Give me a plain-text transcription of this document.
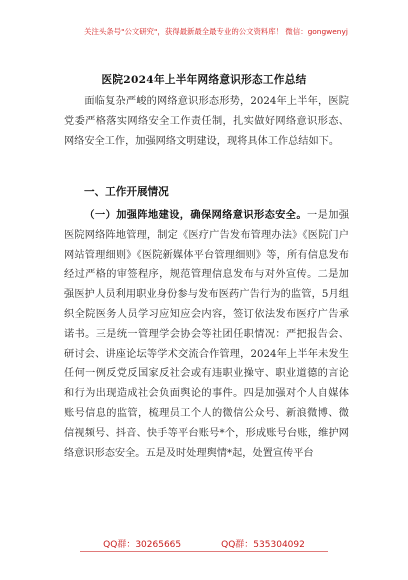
关注头条号"公文研究"，获得最新最全最专业的公文资料库！ 微信：gongwenyj
医院2024年上半年网络意识形态工作总结

面临复杂严峻的网络意识形态形势，2024年上半年，医院党委严格落实网络安全工作责任制，扎实做好网络意识形态、网络安全工作，加强网络文明建设，现将具体工作总结如下。

一、工作开展情况

（一）加强阵地建设，确保网络意识形态安全。一是加强医院网络阵地管理，制定《医疗广告发布管理办法》《医院门户网站管理细则》《医院新媒体平台管理细则》等，所有信息发布经过严格的审签程序，规范管理信息发布与对外宣传。二是加强医护人员利用职业身份参与发布医药广告行为的监管，5月组织全院医务人员学习应知应会内容，签订依法发布医疗广告承诺书。三是统一管理学会协会等社团任职情况：严把报告会、研讨会、讲座论坛等学术交流合作管理，2024年上半年未发生任何一例反党反国家反社会或有违职业操守、职业道德的言论和行为出现造成社会负面舆论的事件。四是加强对个人自媒体账号信息的监管，梳理员工个人的微信公众号、新浪微博、微信视频号、抖音、快手等平台账号*个，形成账号台账，维护网络意识形态安全。五是及时处理舆情*起，处置宣传平台

QQ群：30265665	QQ群：535304092
